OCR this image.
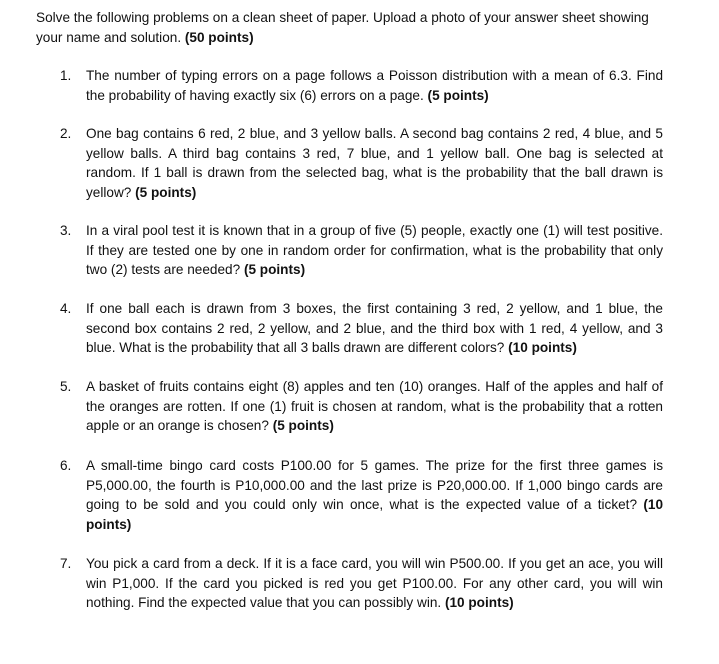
Solve the following problems on a clean sheet of paper. Upload a photo of your answer sheet showing your name and solution. (50 points)
1.	The number of typing errors on a page follows a Poisson distribution with a mean of 6.3. Find the probability of having exactly six (6) errors on a page. (5 points)
2.	One bag contains 6 red, 2 blue, and 3 yellow balls. A second bag contains 2 red, 4 blue, and 5 yellow balls. A third bag contains 3 red, 7 blue, and 1 yellow ball. One bag is selected at random. If 1 ball is drawn from the selected bag, what is the probability that the ball drawn is yellow? (5 points)
3.	In a viral pool test it is known that in a group of five (5) people, exactly one (1) will test positive. If they are tested one by one in random order for confirmation, what is the probability that only two (2) tests are needed? (5 points)
4.	If one ball each is drawn from 3 boxes, the first containing 3 red, 2 yellow, and 1 blue, the second box contains 2 red, 2 yellow, and 2 blue, and the third box with 1 red, 4 yellow, and 3 blue. What is the probability that all 3 balls drawn are different colors? (10 points)
5.	A basket of fruits contains eight (8) apples and ten (10) oranges. Half of the apples and half of the oranges are rotten. If one (1) fruit is chosen at random, what is the probability that a rotten apple or an orange is chosen? (5 points)
6.	A small-time bingo card costs P100.00 for 5 games. The prize for the first three games is P5,000.00, the fourth is P10,000.00 and the last prize is P20,000.00. If 1,000 bingo cards are going to be sold and you could only win once, what is the expected value of a ticket? (10 points)
7.	You pick a card from a deck. If it is a face card, you will win P500.00. If you get an ace, you will win P1,000. If the card you picked is red you get P100.00. For any other card, you will win nothing. Find the expected value that you can possibly win. (10 points)
